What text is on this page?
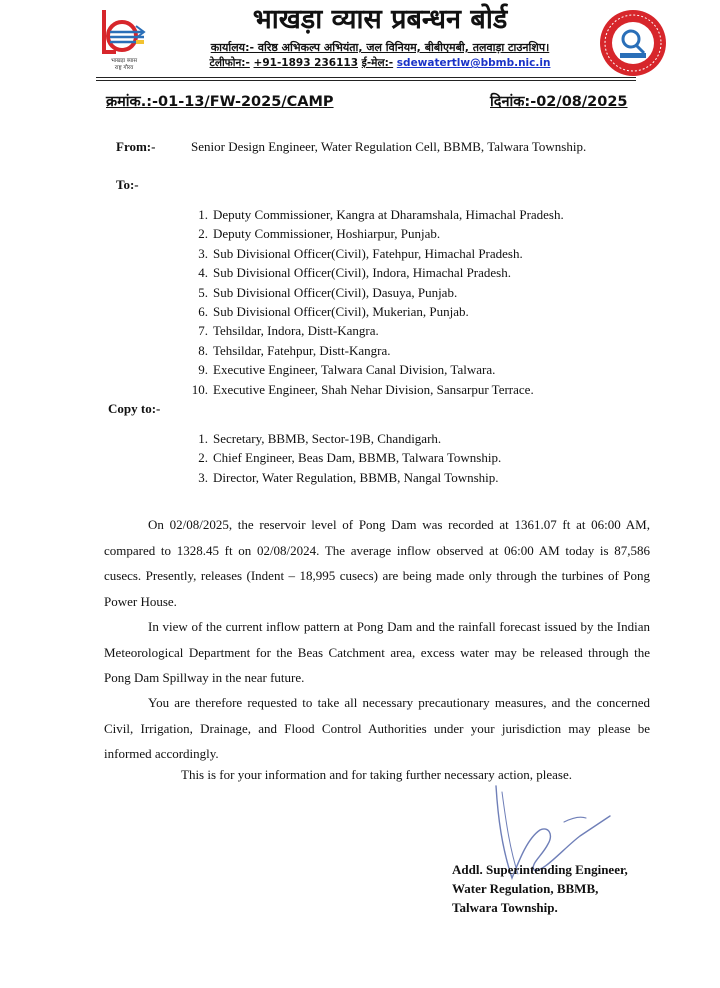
भाखड़ा ब्यास
राष्ट्र गौरव
भाखड़ा व्यास प्रबन्धन बोर्ड
कार्यालय:- वरिष्ठ अभिकल्प अभियंता, जल विनियम, बीबीएमबी, तलवाड़ा टाउनशिप।
टेलीफोन:- +91-1893 236113 ई-मेल:- sdewatertlw@bbmb.nic.in
क्रमांक.:-01-13/FW-2025/CAMP	दिनांक:-02/08/2025
From:-	Senior Design Engineer, Water Regulation Cell, BBMB, Talwara Township.
To:-
1. Deputy Commissioner, Kangra at Dharamshala, Himachal Pradesh.
2. Deputy Commissioner, Hoshiarpur, Punjab.
3. Sub Divisional Officer(Civil), Fatehpur, Himachal Pradesh.
4. Sub Divisional Officer(Civil), Indora, Himachal Pradesh.
5. Sub Divisional Officer(Civil), Dasuya, Punjab.
6. Sub Divisional Officer(Civil), Mukerian, Punjab.
7. Tehsildar, Indora, Distt-Kangra.
8. Tehsildar, Fatehpur, Distt-Kangra.
9. Executive Engineer, Talwara Canal Division, Talwara.
10. Executive Engineer, Shah Nehar Division, Sansarpur Terrace.
Copy to:-
1. Secretary, BBMB, Sector-19B, Chandigarh.
2. Chief Engineer, Beas Dam, BBMB, Talwara Township.
3. Director, Water Regulation, BBMB, Nangal Township.

On 02/08/2025, the reservoir level of Pong Dam was recorded at 1361.07 ft at 06:00 AM, compared to 1328.45 ft on 02/08/2024. The average inflow observed at 06:00 AM today is 87,586 cusecs. Presently, releases (Indent – 18,995 cusecs) are being made only through the turbines of Pong Power House.

In view of the current inflow pattern at Pong Dam and the rainfall forecast issued by the Indian Meteorological Department for the Beas Catchment area, excess water may be released through the Pong Dam Spillway in the near future.

You are therefore requested to take all necessary precautionary measures, and the concerned Civil, Irrigation, Drainage, and Flood Control Authorities under your jurisdiction may please be informed accordingly.

This is for your information and for taking further necessary action, please.
Addl. Superintending Engineer,
Water Regulation, BBMB,
Talwara Township.
